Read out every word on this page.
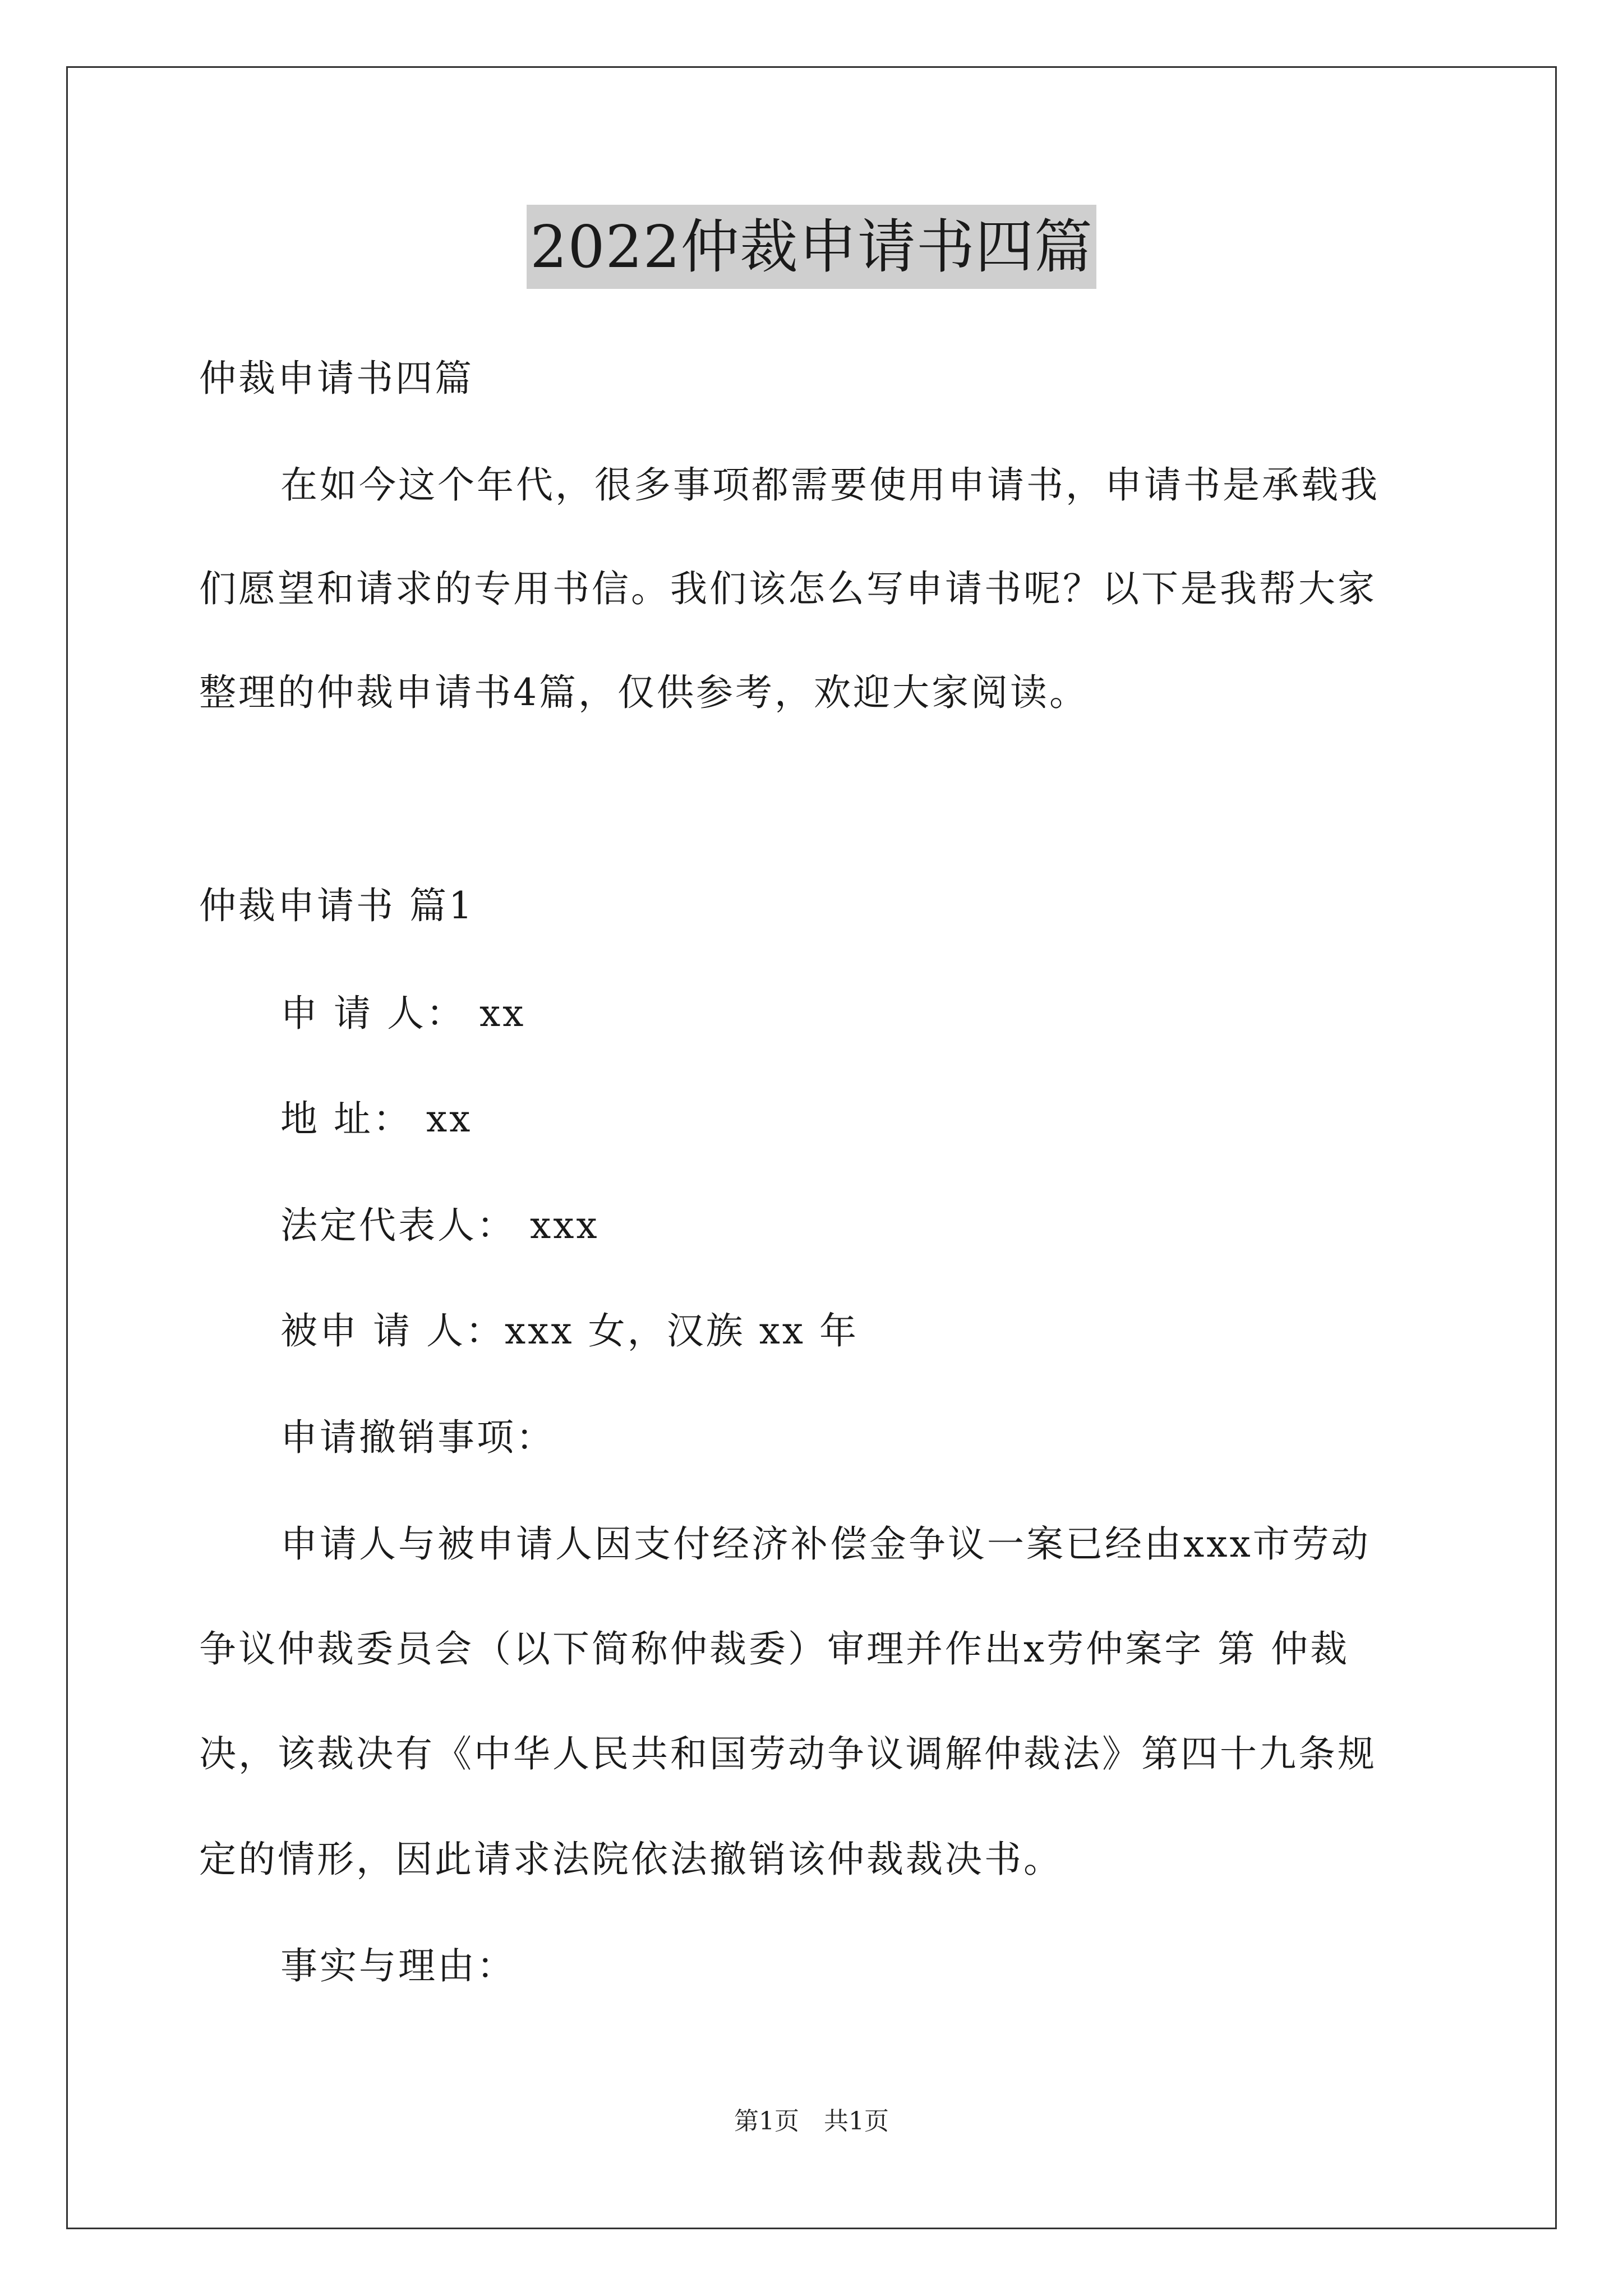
2022仲裁申请书四篇
仲裁申请书四篇
在如今这个年代，很多事项都需要使用申请书，申请书是承载我
们愿望和请求的专用书信。我们该怎么写申请书呢？以下是我帮大家
整理的仲裁申请书4篇，仅供参考，欢迎大家阅读。
仲裁申请书 篇1
申 请 人： xx
地 址： xx
法定代表人： xxx
被申 请 人：xxx 女，汉族 xx 年
申请撤销事项：
申请人与被申请人因支付经济补偿金争议一案已经由xxx市劳动
争议仲裁委员会（以下简称仲裁委）审理并作出x劳仲案字 第 仲裁
决，该裁决有《中华人民共和国劳动争议调解仲裁法》第四十九条规
定的情形，因此请求法院依法撤销该仲裁裁决书。
事实与理由：
第1页　共1页
